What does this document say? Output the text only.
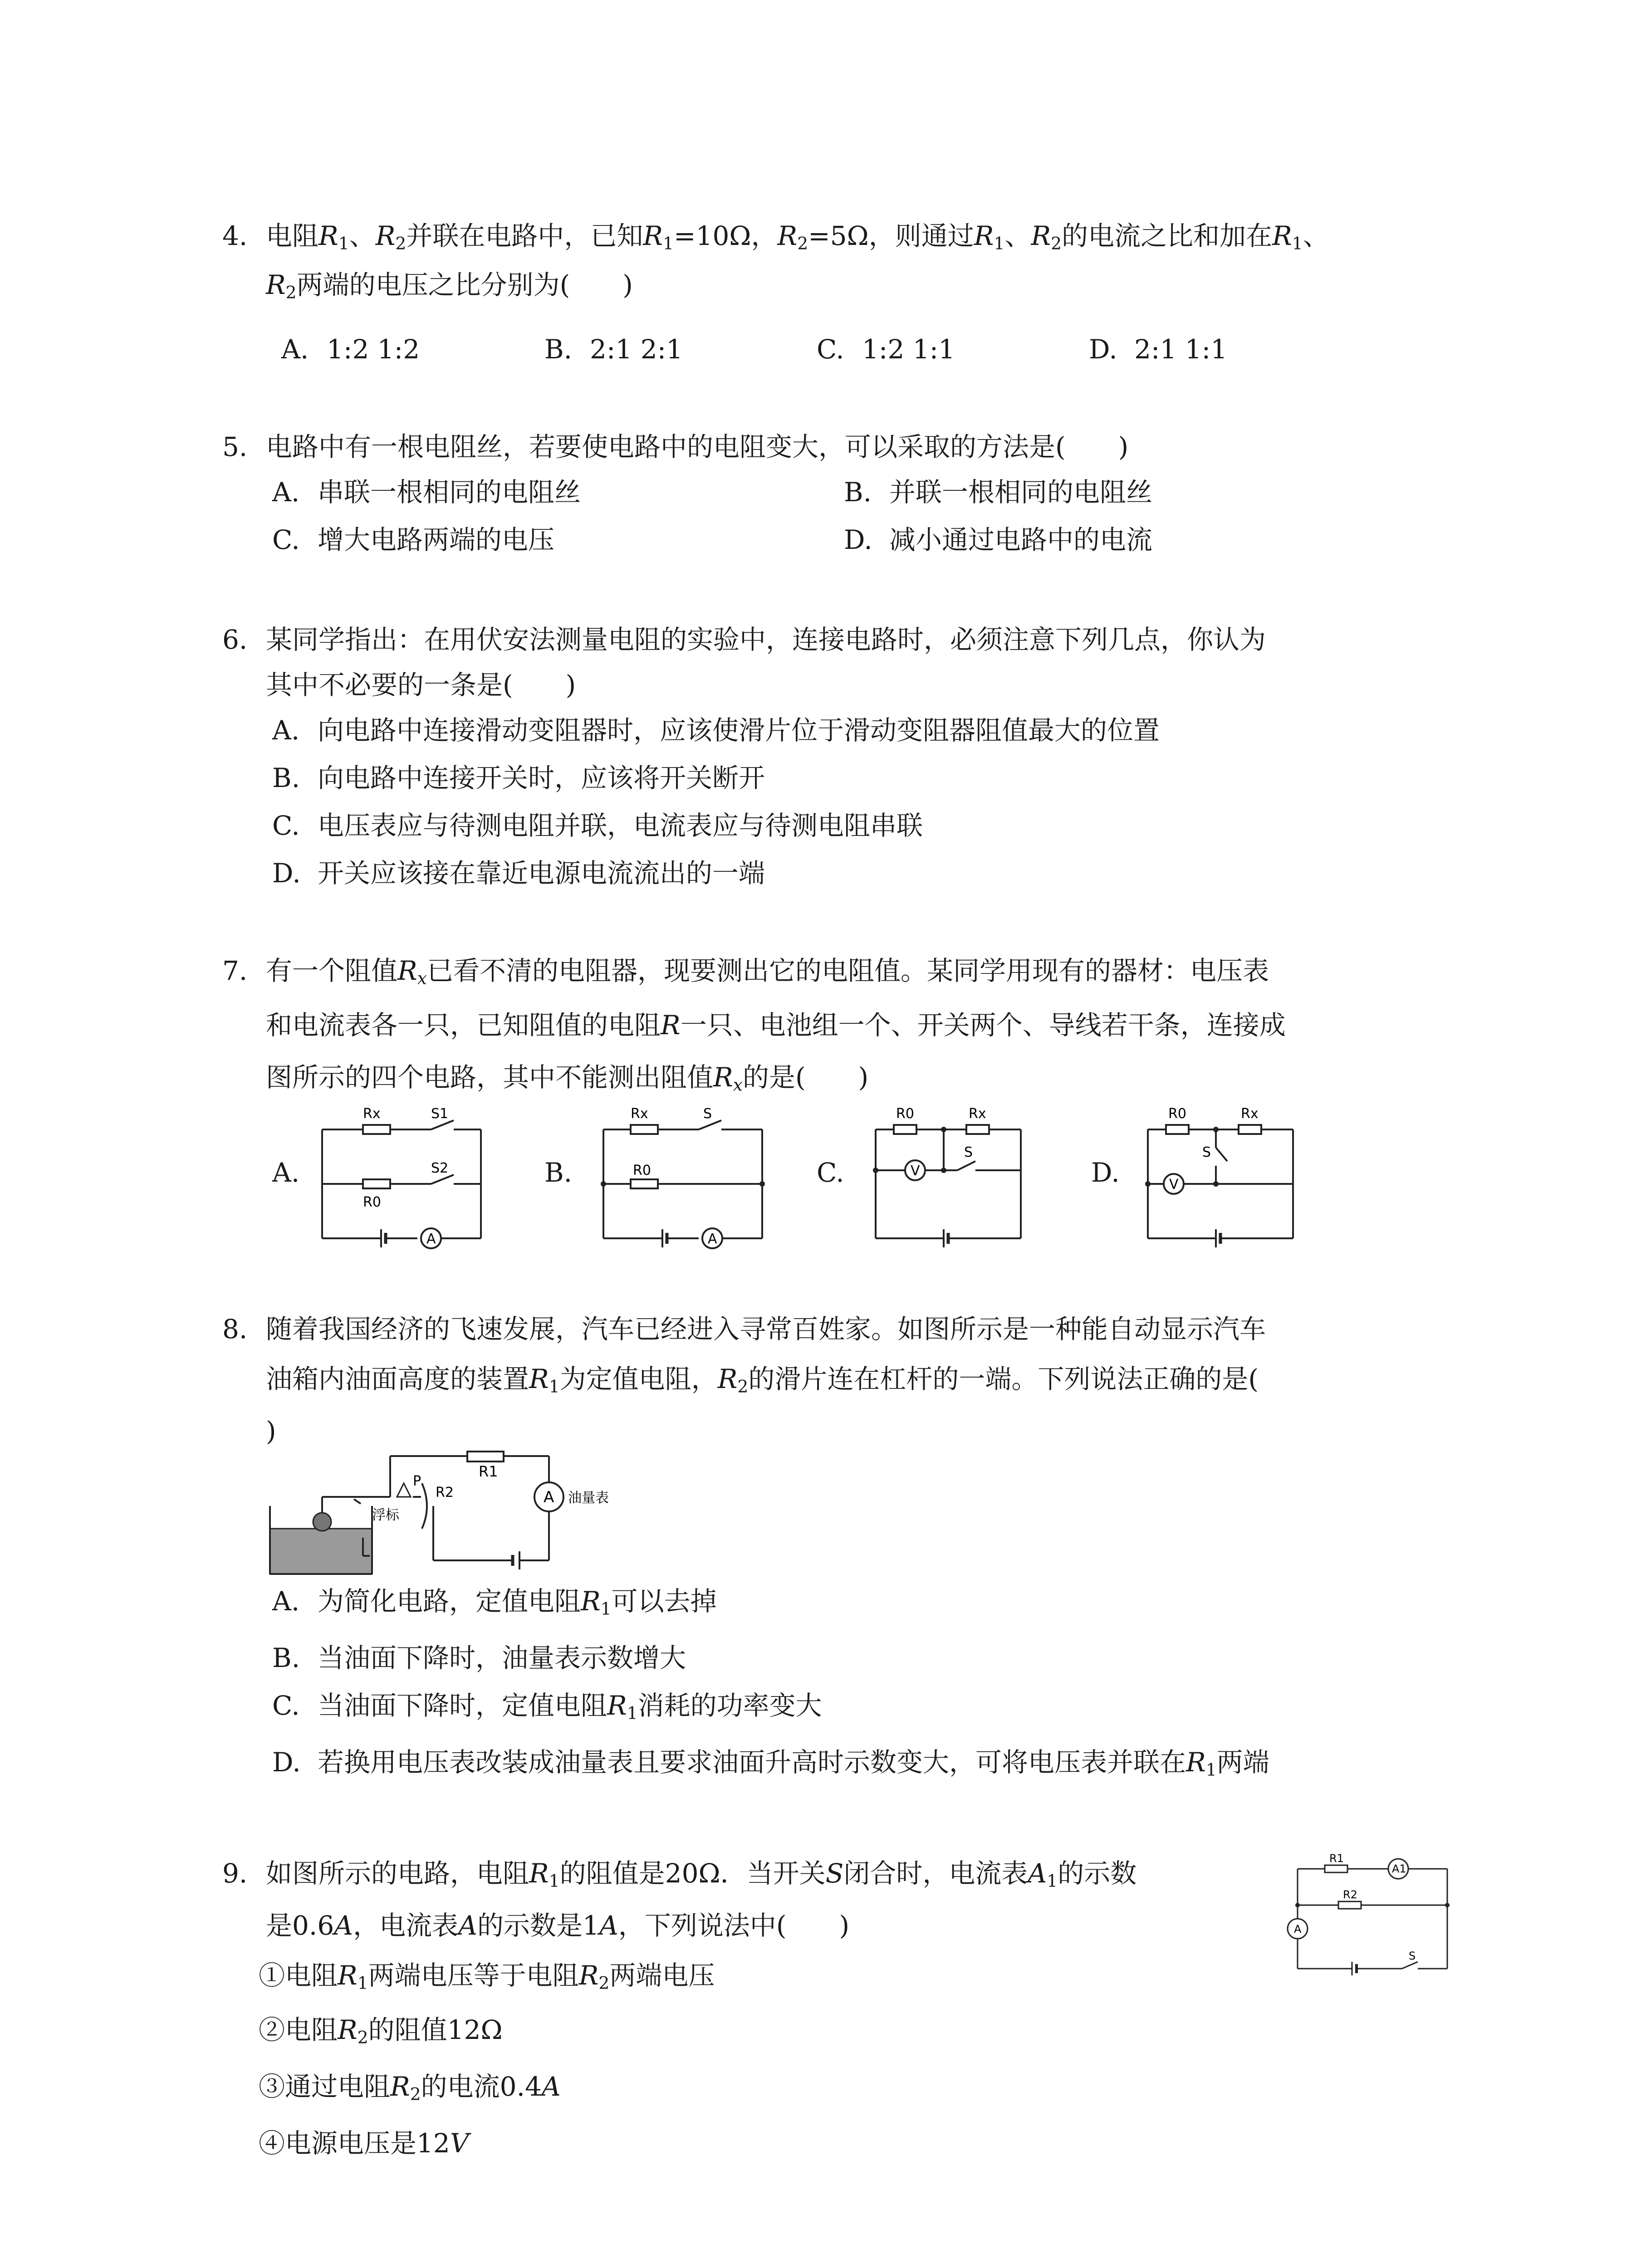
4. 电阻$R_1$、$R_2$并联在电路中，已知$R_1=10\Omega$，$R_2=5\Omega$，则通过$R_1$、$R_2$的电流之比和加在$R_1$、
$R_2$两端的电压之比分别为(　　)
A. 1:2 1:2	B. 2:1 2:1	C. 1:2 1:1	D. 2:1 1:1
5. 电路中有一根电阻丝，若要使电路中的电阻变大，可以采取的方法是(　　)
A. 串联一根相同的电阻丝	B. 并联一根相同的电阻丝
C. 增大电路两端的电压	D. 减小通过电路中的电流
6. 某同学指出：在用伏安法测量电阻的实验中，连接电路时，必须注意下列几点，你认为
其中不必要的一条是(　　)
A. 向电路中连接滑动变阻器时，应该使滑片位于滑动变阻器阻值最大的位置
B. 向电路中连接开关时，应该将开关断开
C. 电压表应与待测电阻并联，电流表应与待测电阻串联
D. 开关应该接在靠近电源电流流出的一端
7. 有一个阻值$R_x$已看不清的电阻器，现要测出它的电阻值。某同学用现有的器材：电压表
和电流表各一只，已知阻值的电阻R一只、电池组一个、开关两个、导线若干条，连接成
图所示的四个电路，其中不能测出阻值$R_x$的是(　　)
A.	B.	C.	D.
Rx	S1
S2
R0
A
Rx	S
R0
A
R0	Rx
S
V
R0	Rx
S
V
8. 随着我国经济的飞速发展，汽车已经进入寻常百姓家。如图所示是一种能自动显示汽车
油箱内油面高度的装置$R_1$为定值电阻，$R_2$的滑片连在杠杆的一端。下列说法正确的是(
)
A. 为简化电路，定值电阻$R_1$可以去掉
B. 当油面下降时，油量表示数增大
C. 当油面下降时，定值电阻$R_1$消耗的功率变大
D. 若换用电压表改装成油量表且要求油面升高时示数变大，可将电压表并联在$R_1$两端
R1
P
R2	A 油量表
浮标
9. 如图所示的电路，电阻$R_1$的阻值是20Ω．当开关S闭合时，电流表$A_1$的示数
是0.6A，电流表A的示数是1A，下列说法中(　　)
①电阻$R_1$两端电压等于电阻$R_2$两端电压
②电阻$R_2$的阻值12Ω
③通过电阻$R_2$的电流0.4A
④电源电压是12V
R1
A1
R2
A
S
